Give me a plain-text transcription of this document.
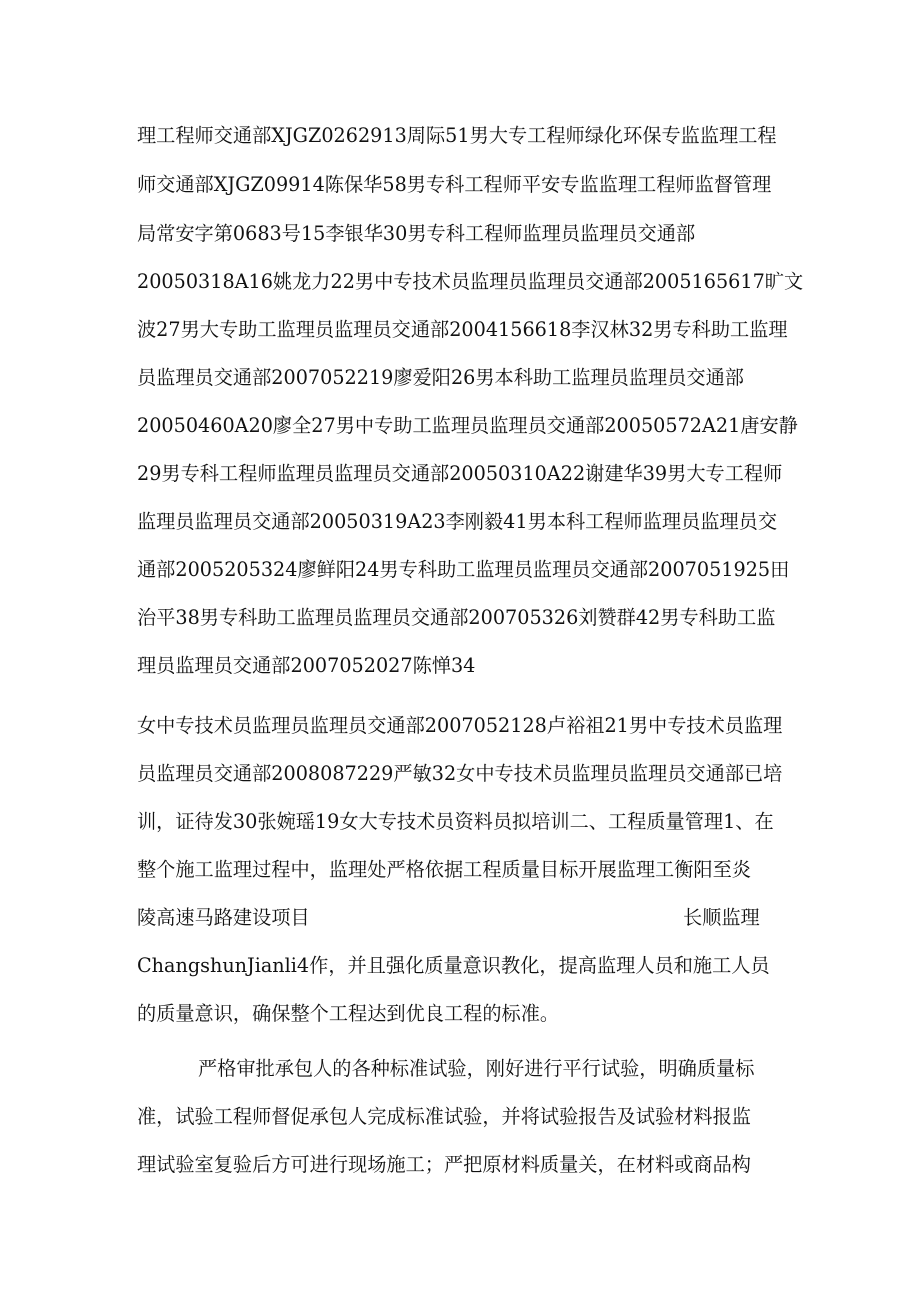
理工程师交通部XJGZ0262913周际51男大专工程师绿化环保专监监理工程
师交通部XJGZ09914陈保华58男专科工程师平安专监监理工程师监督管理
局常安字第0683号15李银华30男专科工程师监理员监理员交通部
20050318A16姚龙力22男中专技术员监理员监理员交通部2005165617旷文
波27男大专助工监理员监理员交通部2004156618李汉林32男专科助工监理
员监理员交通部2007052219廖爱阳26男本科助工监理员监理员交通部
20050460A20廖全27男中专助工监理员监理员交通部20050572A21唐安静
29男专科工程师监理员监理员交通部20050310A22谢建华39男大专工程师
监理员监理员交通部20050319A23李刚毅41男本科工程师监理员监理员交
通部2005205324廖鲜阳24男专科助工监理员监理员交通部2007051925田
治平38男专科助工监理员监理员交通部200705326刘赞群42男专科助工监
理员监理员交通部2007052027陈惮34
女中专技术员监理员监理员交通部2007052128卢裕祖21男中专技术员监理
员监理员交通部2008087229严敏32女中专技术员监理员监理员交通部已培
训，证待发30张婉瑶19女大专技术员资料员拟培训二、工程质量管理1、在
整个施工监理过程中，监理处严格依据工程质量目标开展监理工衡阳至炎
陵高速马路建设项目	长顺监理
ChangshunJianli4作，并且强化质量意识教化，提高监理人员和施工人员
的质量意识，确保整个工程达到优良工程的标准。
严格审批承包人的各种标准试验，刚好进行平行试验，明确质量标
准，试验工程师督促承包人完成标准试验，并将试验报告及试验材料报监
理试验室复验后方可进行现场施工；严把原材料质量关，在材料或商品构
